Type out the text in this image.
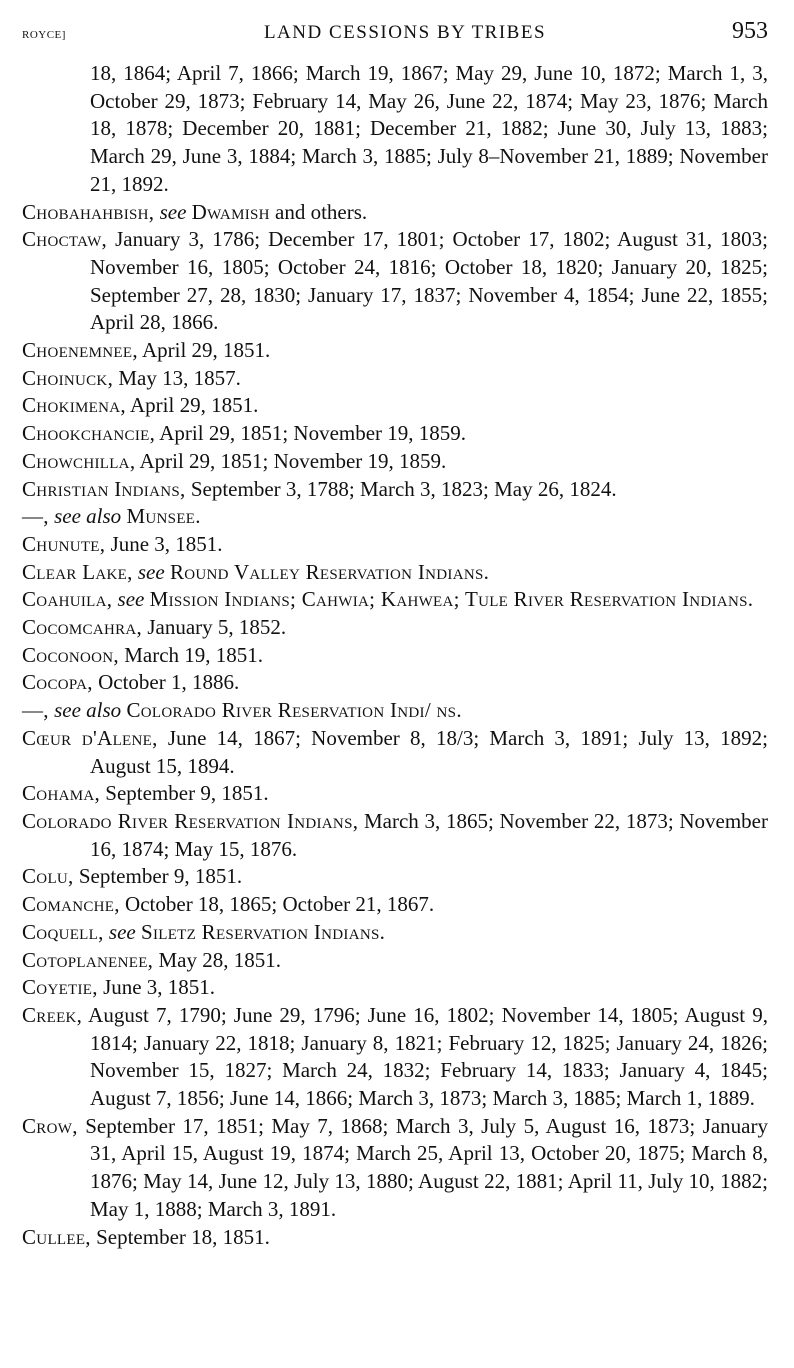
ROYCE]	LAND CESSIONS BY TRIBES	953

18, 1864; April 7, 1866; March 19, 1867; May 29, June 10, 1872; March 1, 3, October 29, 1873; February 14, May 26, June 22, 1874; May 23, 1876; March 18, 1878; December 20, 1881; December 21, 1882; June 30, July 13, 1883; March 29, June 3, 1884; March 3, 1885; July 8–November 21, 1889; November 21, 1892.

Chobahahbish, see Dwamish and others.

Choctaw, January 3, 1786; December 17, 1801; October 17, 1802; August 31, 1803; November 16, 1805; October 24, 1816; October 18, 1820; January 20, 1825; September 27, 28, 1830; January 17, 1837; November 4, 1854; June 22, 1855; April 28, 1866.

Choenemnee, April 29, 1851.

Choinuck, May 13, 1857.

Chokimena, April 29, 1851.

Chookchancie, April 29, 1851; November 19, 1859.

Chowchilla, April 29, 1851; November 19, 1859.

Christian Indians, September 3, 1788; March 3, 1823; May 26, 1824.

—, see also Munsee.

Chunute, June 3, 1851.

Clear Lake, see Round Valley Reservation Indians.

Coahuila, see Mission Indians; Cahwia; Kahwea; Tule River Reservation Indians.

Cocomcahra, January 5, 1852.

Coconoon, March 19, 1851.

Cocopa, October 1, 1886.

—, see also Colorado River Reservation Indi/ ns.

Cœur d'Alene, June 14, 1867; November 8, 18/3; March 3, 1891; July 13, 1892; August 15, 1894.

Cohama, September 9, 1851.

Colorado River Reservation Indians, March 3, 1865; November 22, 1873; November 16, 1874; May 15, 1876.

Colu, September 9, 1851.

Comanche, October 18, 1865; October 21, 1867.

Coquell, see Siletz Reservation Indians.

Cotoplanenee, May 28, 1851.

Coyetie, June 3, 1851.

Creek, August 7, 1790; June 29, 1796; June 16, 1802; November 14, 1805; August 9, 1814; January 22, 1818; January 8, 1821; February 12, 1825; January 24, 1826; November 15, 1827; March 24, 1832; February 14, 1833; January 4, 1845; August 7, 1856; June 14, 1866; March 3, 1873; March 3, 1885; March 1, 1889.

Crow, September 17, 1851; May 7, 1868; March 3, July 5, August 16, 1873; January 31, April 15, August 19, 1874; March 25, April 13, October 20, 1875; March 8, 1876; May 14, June 12, July 13, 1880; August 22, 1881; April 11, July 10, 1882; May 1, 1888; March 3, 1891.

Cullee, September 18, 1851.
